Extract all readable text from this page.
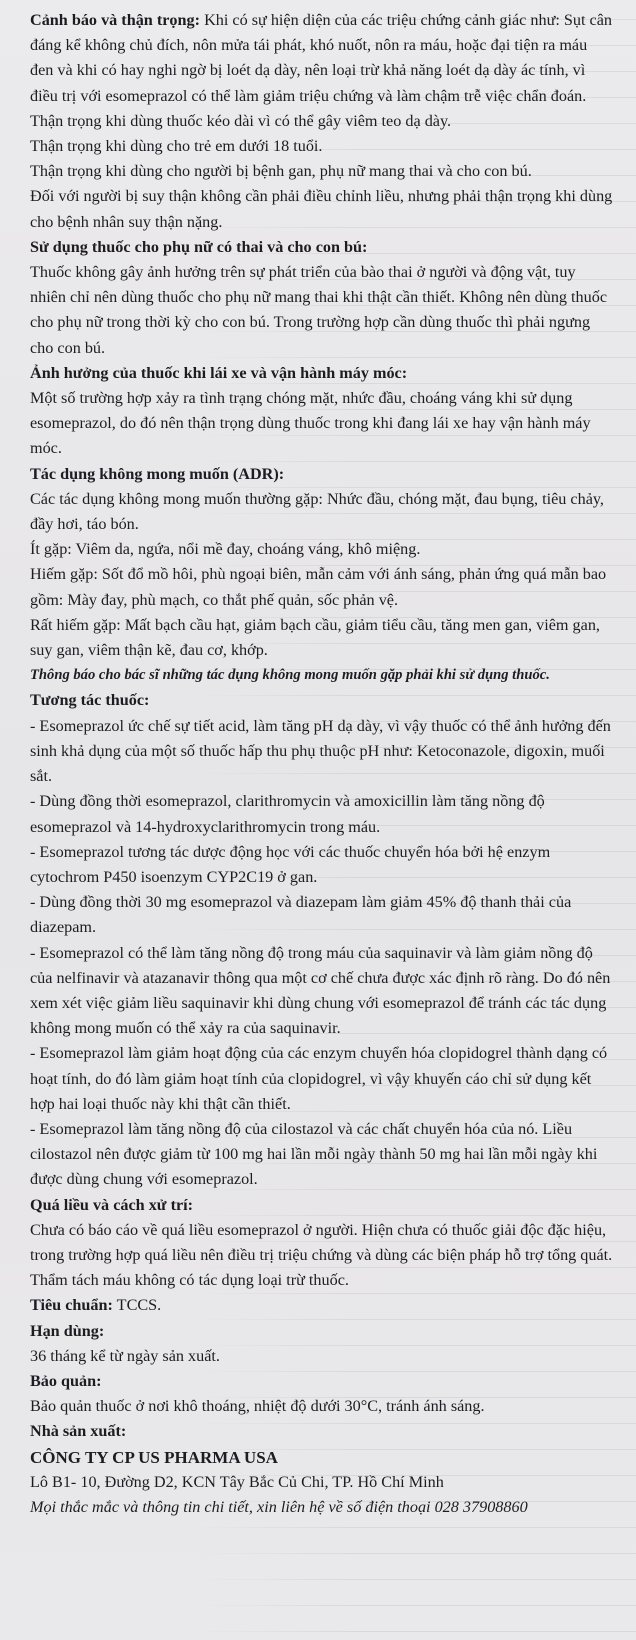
Cảnh báo và thận trọng: Khi có sự hiện diện của các triệu chứng cảnh giác như: Sụt cân đáng kể không chủ đích, nôn mửa tái phát, khó nuốt, nôn ra máu, hoặc đại tiện ra máu đen và khi có hay nghi ngờ bị loét dạ dày, nên loại trừ khả năng loét dạ dày ác tính, vì điều trị với esomeprazol có thể làm giảm triệu chứng và làm chậm trễ việc chẩn đoán.

Thận trọng khi dùng thuốc kéo dài vì có thể gây viêm teo dạ dày.

Thận trọng khi dùng cho trẻ em dưới 18 tuổi.

Thận trọng khi dùng cho người bị bệnh gan, phụ nữ mang thai và cho con bú.

Đối với người bị suy thận không cần phải điều chỉnh liều, nhưng phải thận trọng khi dùng cho bệnh nhân suy thận nặng.

Sử dụng thuốc cho phụ nữ có thai và cho con bú:

Thuốc không gây ảnh hưởng trên sự phát triển của bào thai ở người và động vật, tuy nhiên chỉ nên dùng thuốc cho phụ nữ mang thai khi thật cần thiết. Không nên dùng thuốc cho phụ nữ trong thời kỳ cho con bú. Trong trường hợp cần dùng thuốc thì phải ngưng cho con bú.

Ảnh hưởng của thuốc khi lái xe và vận hành máy móc:

Một số trường hợp xảy ra tình trạng chóng mặt, nhức đầu, choáng váng khi sử dụng esomeprazol, do đó nên thận trọng dùng thuốc trong khi đang lái xe hay vận hành máy móc.

Tác dụng không mong muốn (ADR):

Các tác dụng không mong muốn thường gặp: Nhức đầu, chóng mặt, đau bụng, tiêu chảy, đầy hơi, táo bón.

Ít gặp: Viêm da, ngứa, nổi mề đay, choáng váng, khô miệng.

Hiếm gặp: Sốt đổ mồ hôi, phù ngoại biên, mẫn cảm với ánh sáng, phản ứng quá mẫn bao gồm: Mày đay, phù mạch, co thắt phế quản, sốc phản vệ.

Rất hiếm gặp: Mất bạch cầu hạt, giảm bạch cầu, giảm tiểu cầu, tăng men gan, viêm gan, suy gan, viêm thận kẽ, đau cơ, khớp.

Thông báo cho bác sĩ những tác dụng không mong muốn gặp phải khi sử dụng thuốc.

Tương tác thuốc:

- Esomeprazol ức chế sự tiết acid, làm tăng pH dạ dày, vì vậy thuốc có thể ảnh hưởng đến sinh khả dụng của một số thuốc hấp thu phụ thuộc pH như: Ketoconazole, digoxin, muối sắt.

- Dùng đồng thời esomeprazol, clarithromycin và amoxicillin làm tăng nồng độ esomeprazol và 14-hydroxyclarithromycin trong máu.

- Esomeprazol tương tác dược động học với các thuốc chuyển hóa bởi hệ enzym cytochrom P450 isoenzym CYP2C19 ở gan.

- Dùng đồng thời 30 mg esomeprazol và diazepam làm giảm 45% độ thanh thải của diazepam.

- Esomeprazol có thể làm tăng nồng độ trong máu của saquinavir và làm giảm nồng độ của nelfinavir và atazanavir thông qua một cơ chế chưa được xác định rõ ràng. Do đó nên xem xét việc giảm liều saquinavir khi dùng chung với esomeprazol để tránh các tác dụng không mong muốn có thể xảy ra của saquinavir.

- Esomeprazol làm giảm hoạt động của các enzym chuyển hóa clopidogrel thành dạng có hoạt tính, do đó làm giảm hoạt tính của clopidogrel, vì vậy khuyến cáo chỉ sử dụng kết hợp hai loại thuốc này khi thật cần thiết.

- Esomeprazol làm tăng nồng độ của cilostazol và các chất chuyển hóa của nó. Liều cilostazol nên được giảm từ 100 mg hai lần mỗi ngày thành 50 mg hai lần mỗi ngày khi được dùng chung với esomeprazol.

Quá liều và cách xử trí:

Chưa có báo cáo về quá liều esomeprazol ở người. Hiện chưa có thuốc giải độc đặc hiệu, trong trường hợp quá liều nên điều trị triệu chứng và dùng các biện pháp hỗ trợ tổng quát. Thẩm tách máu không có tác dụng loại trừ thuốc.

Tiêu chuẩn: TCCS.

Hạn dùng:

36 tháng kể từ ngày sản xuất.

Bảo quản:

Bảo quản thuốc ở nơi khô thoáng, nhiệt độ dưới 30°C, tránh ánh sáng.

Nhà sản xuất:

CÔNG TY CP US PHARMA USA

Lô B1- 10, Đường D2, KCN Tây Bắc Củ Chi, TP. Hồ Chí Minh

Mọi thắc mắc và thông tin chi tiết, xin liên hệ về số điện thoại 028 37908860
